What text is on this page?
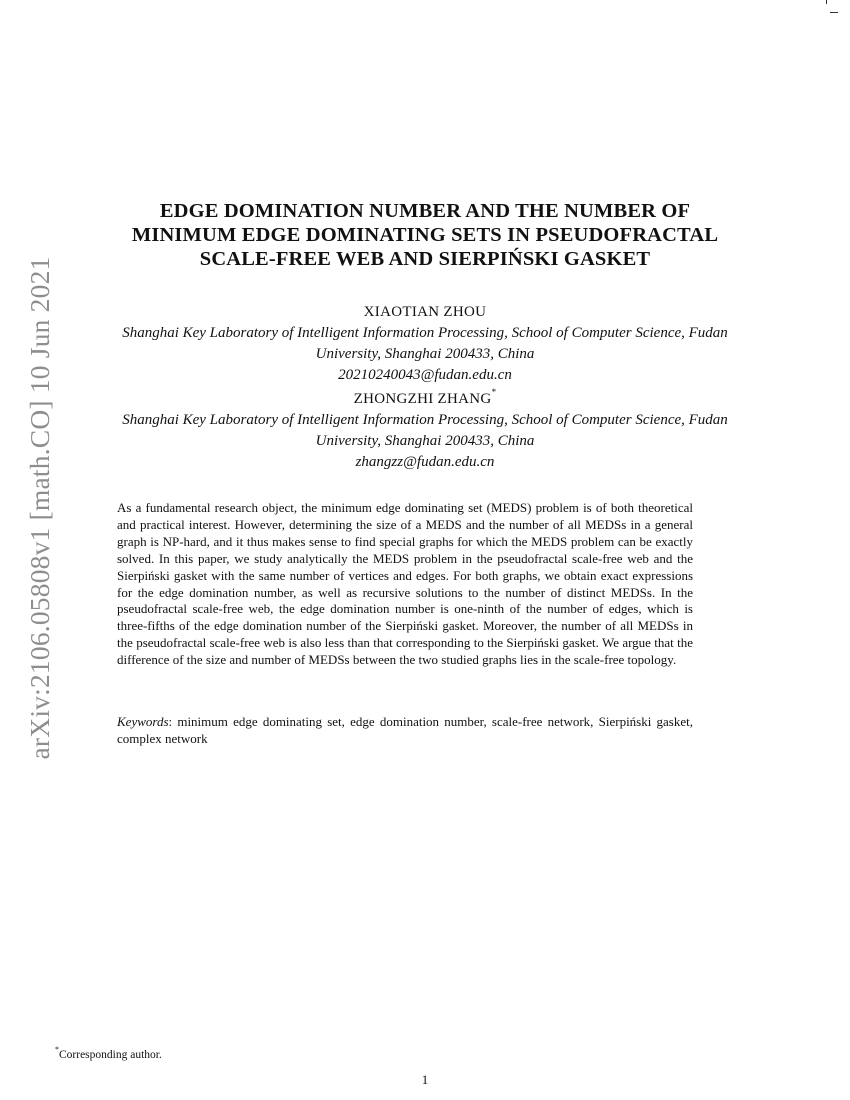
arXiv:2106.05808v1 [math.CO] 10 Jun 2021
EDGE DOMINATION NUMBER AND THE NUMBER OF
MINIMUM EDGE DOMINATING SETS IN PSEUDOFRACTAL
SCALE-FREE WEB AND SIERPIŃSKI GASKET
XIAOTIAN ZHOU
Shanghai Key Laboratory of Intelligent Information Processing, School of Computer Science, Fudan
University, Shanghai 200433, China
20210240043@fudan.edu.cn
ZHONGZHI ZHANG*
Shanghai Key Laboratory of Intelligent Information Processing, School of Computer Science, Fudan
University, Shanghai 200433, China
zhangzz@fudan.edu.cn

As a fundamental research object, the minimum edge dominating set (MEDS) problem is of both theoretical and practical interest. However, determining the size of a MEDS and the number of all MEDSs in a general graph is NP-hard, and it thus makes sense to find special graphs for which the MEDS problem can be exactly solved. In this paper, we study analytically the MEDS problem in the pseudofractal scale-free web and the Sierpiński gasket with the same number of vertices and edges. For both graphs, we obtain exact expressions for the edge domination number, as well as recursive solutions to the number of distinct MEDSs. In the pseudofractal scale-free web, the edge domination number is one-ninth of the number of edges, which is three-fifths of the edge domination number of the Sierpiński gasket. Moreover, the number of all MEDSs in the pseudofractal scale-free web is also less than that corresponding to the Sierpiński gasket. We argue that the difference of the size and number of MEDSs between the two studied graphs lies in the scale-free topology.

Keywords: minimum edge dominating set, edge domination number, scale-free network, Sierpiński gasket, complex network
*Corresponding author.
1
